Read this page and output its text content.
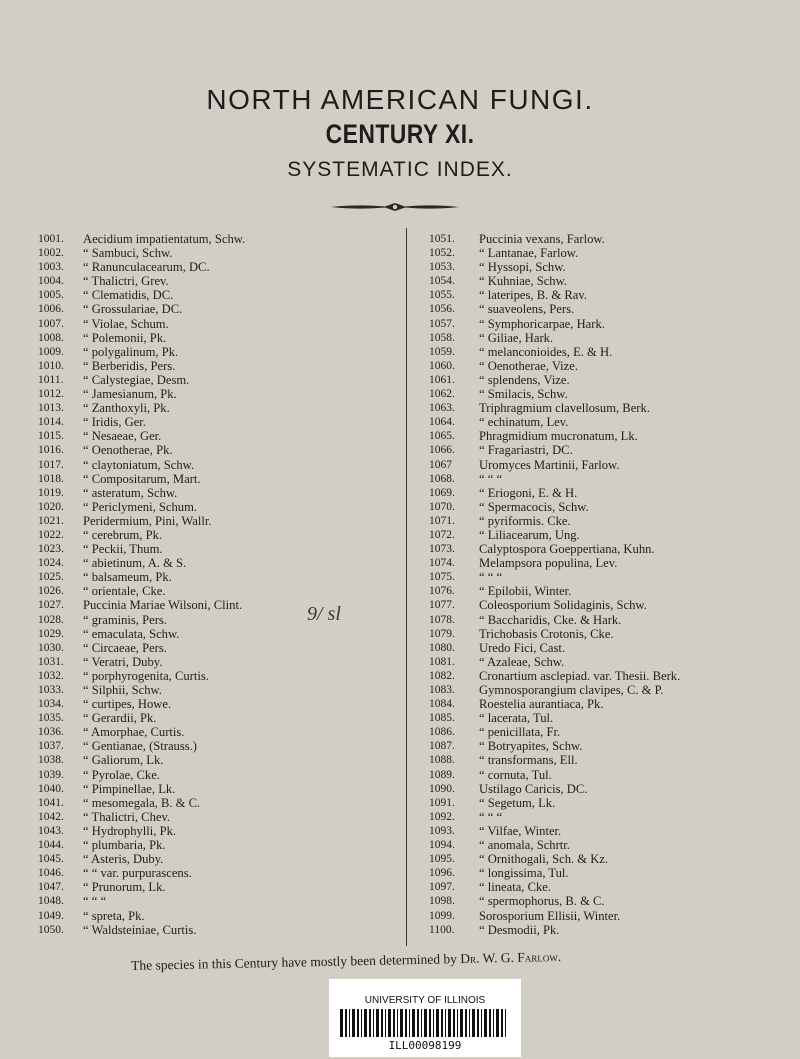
NORTH AMERICAN FUNGI.
CENTURY XI.
SYSTEMATIC INDEX.
1001.	Aecidium impatientatum, Schw.
1002.	“ Sambuci, Schw.
1003.	“ Ranunculacearum, DC.
1004.	“ Thalictri, Grev.
1005.	“ Clematidis, DC.
1006.	“ Grossulariae, DC.
1007.	“ Violae, Schum.
1008.	“ Polemonii, Pk.
1009.	“ polygalinum, Pk.
1010.	“ Berberidis, Pers.
1011.	“ Calystegiae, Desm.
1012.	“ Jamesianum, Pk.
1013.	“ Zanthoxyli, Pk.
1014.	“ Iridis, Ger.
1015.	“ Nesaeae, Ger.
1016.	“ Oenotherae, Pk.
1017.	“ claytoniatum, Schw.
1018.	“ Compositarum, Mart.
1019.	“ asteratum, Schw.
1020.	“ Periclymeni, Schum.
1021.	Peridermium, Pini, Wallr.
1022.	“ cerebrum, Pk.
1023.	“ Peckii, Thum.
1024.	“ abietinum, A. & S.
1025.	“ balsameum, Pk.
1026.	“ orientale, Cke.
1027.	Puccinia Mariae Wilsoni, Clint.
1028.	“ graminis, Pers.
1029.	“ emaculata, Schw.
1030.	“ Circaeae, Pers.
1031.	“ Veratri, Duby.
1032.	“ porphyrogenita, Curtis.
1033.	“ Silphii, Schw.
1034.	“ curtipes, Howe.
1035.	“ Gerardii, Pk.
1036.	“ Amorphae, Curtis.
1037.	“ Gentianae, (Strauss.)
1038.	“ Galiorum, Lk.
1039.	“ Pyrolae, Cke.
1040.	“ Pimpinellae, Lk.
1041.	“ mesomegala, B. & C.
1042.	“ Thalictri, Chev.
1043.	“ Hydrophylli, Pk.
1044.	“ plumbaria, Pk.
1045.	“ Asteris, Duby.
1046.	“ “ var. purpurascens.
1047.	“ Prunorum, Lk.
1048.	“ “ “
1049.	“ spreta, Pk.
1050.	“ Waldsteiniae, Curtis.
1051.	Puccinia vexans, Farlow.
1052.	“ Lantanae, Farlow.
1053.	“ Hyssopi, Schw.
1054.	“ Kuhniae, Schw.
1055.	“ lateripes, B. & Rav.
1056.	“ suaveolens, Pers.
1057.	“ Symphoricarpae, Hark.
1058.	“ Giliae, Hark.
1059.	“ melanconioides, E. & H.
1060.	“ Oenotherae, Vize.
1061.	“ splendens, Vize.
1062.	“ Smilacis, Schw.
1063.	Triphragmium clavellosum, Berk.
1064.	“ echinatum, Lev.
1065.	Phragmidium mucronatum, Lk.
1066.	“ Fragariastri, DC.
1067	Uromyces Martinii, Farlow.
1068.	“ “ “
1069.	“ Eriogoni, E. & H.
1070.	“ Spermacocis, Schw.
1071.	“ pyriformis. Cke.
1072.	“ Liliacearum, Ung.
1073.	Calyptospora Goeppertiana, Kuhn.
1074.	Melampsora populina, Lev.
1075.	“ “ “
1076.	“ Epilobii, Winter.
1077.	Coleosporium Solidaginis, Schw.
1078.	“ Baccharidis, Cke. & Hark.
1079.	Trichobasis Crotonis, Cke.
1080.	Uredo Fici, Cast.
1081.	“ Azaleae, Schw.
1082.	Cronartium asclepiad. var. Thesii. Berk.
1083.	Gymnosporangium clavipes, C. & P.
1084.	Roestelia aurantiaca, Pk.
1085.	“ lacerata, Tul.
1086.	“ penicillata, Fr.
1087.	“ Botryapites, Schw.
1088.	“ transformans, Ell.
1089.	“ cornuta, Tul.
1090.	Ustilago Caricis, DC.
1091.	“ Segetum, Lk.
1092.	“ “ “
1093.	“ Vilfae, Winter.
1094.	“ anomala, Schrtr.
1095.	“ Ornithogali, Sch. & Kz.
1096.	“ longissima, Tul.
1097.	“ lineata, Cke.
1098.	“ spermophorus, B. & C.
1099.	Sorosporium Ellisii, Winter.
1100.	“ Desmodii, Pk.
9/ sl
The species in this Century have mostly been determined by Dr. W. G. Farlow.
UNIVERSITY OF ILLINOIS
ILL00098199
